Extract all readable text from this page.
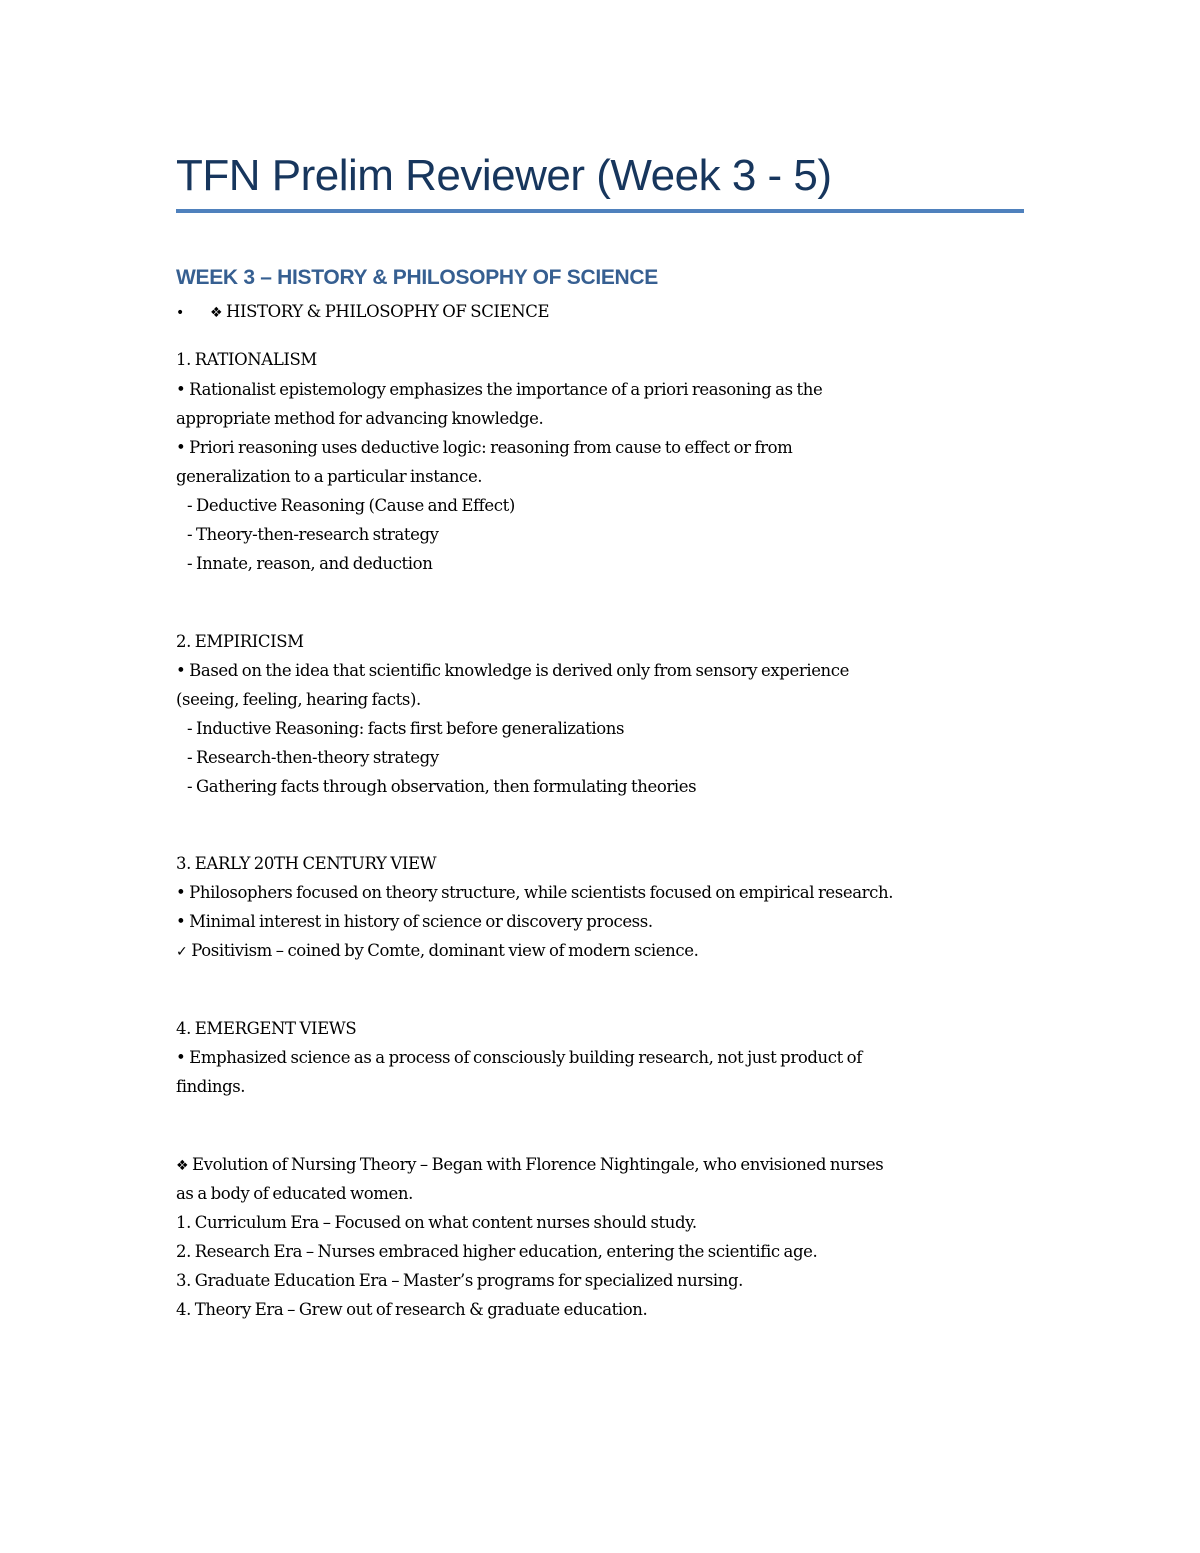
TFN Prelim Reviewer (Week 3 - 5)
WEEK 3 – HISTORY & PHILOSOPHY OF SCIENCE
• ❖ HISTORY & PHILOSOPHY OF SCIENCE
1. RATIONALISM
• Rationalist epistemology emphasizes the importance of a priori reasoning as the
appropriate method for advancing knowledge.
• Priori reasoning uses deductive logic: reasoning from cause to effect or from
generalization to a particular instance.
- Deductive Reasoning (Cause and Effect)
- Theory-then-research strategy
- Innate, reason, and deduction
2. EMPIRICISM
• Based on the idea that scientific knowledge is derived only from sensory experience
(seeing, feeling, hearing facts).
- Inductive Reasoning: facts first before generalizations
- Research-then-theory strategy
- Gathering facts through observation, then formulating theories
3. EARLY 20TH CENTURY VIEW
• Philosophers focused on theory structure, while scientists focused on empirical research.
• Minimal interest in history of science or discovery process.
✓ Positivism – coined by Comte, dominant view of modern science.
4. EMERGENT VIEWS
• Emphasized science as a process of consciously building research, not just product of
findings.
❖ Evolution of Nursing Theory – Began with Florence Nightingale, who envisioned nurses
as a body of educated women.
1. Curriculum Era – Focused on what content nurses should study.
2. Research Era – Nurses embraced higher education, entering the scientific age.
3. Graduate Education Era – Master’s programs for specialized nursing.
4. Theory Era – Grew out of research & graduate education.
